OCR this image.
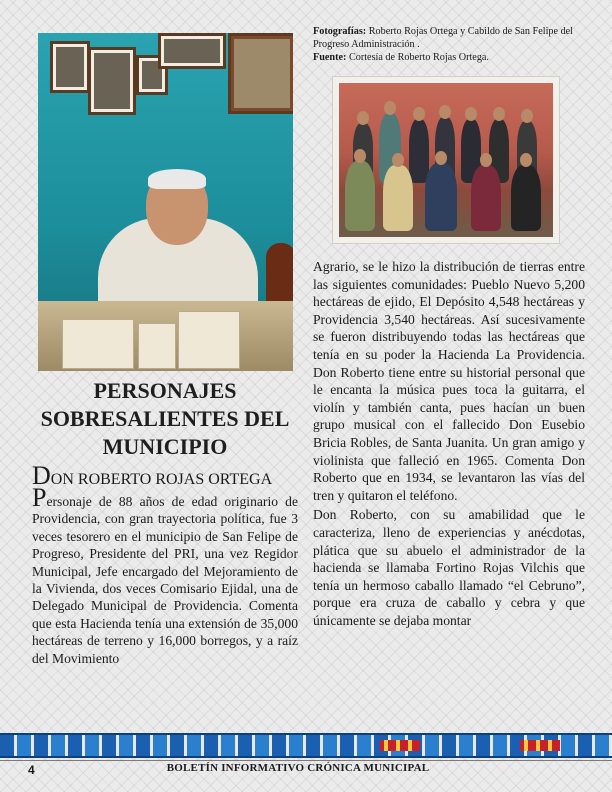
Fotografías: Roberto Rojas Ortega y Cabildo de San Felipe del Progreso Administración .
Fuente: Cortesía de Roberto Rojas Ortega.
PERSONAJES
SOBRESALIENTES DEL
MUNICIPIO
DON ROBERTO ROJAS ORTEGA
Personaje de 88 años de edad originario de Providencia, con gran trayectoria política, fue 3 veces tesorero en el municipio de San Felipe de Progreso, Presidente del PRI, una vez Regidor Municipal, Jefe encargado del Mejoramiento de la Vivienda, dos veces Comisario Ejidal, una de Delegado Municipal de Providencia. Comenta que esta Hacienda tenía una extensión de 35,000 hectáreas de terreno y 16,000 borregos, y a raíz del Movimiento

Agrario, se le hizo la distribución de tierras entre las siguientes comunidades: Pueblo Nuevo 5,200 hectáreas de ejido, El Depósito 4,548 hectáreas y Providencia 3,540 hectáreas. Así sucesivamente se fueron distribuyendo todas las hectáreas que tenía en su poder la Hacienda La Providencia. Don Roberto tiene entre su historial personal que le encanta la música pues toca la guitarra, el violín y también canta, pues hacían un buen grupo musical con el fallecido Don Eusebio Bricia Robles, de Santa Juanita. Un gran amigo y violinista que falleció en 1965. Comenta Don Roberto que en 1934, se levantaron las vías del tren y quitaron el teléfono.

Don Roberto, con su amabilidad que le caracteriza, lleno de experiencias y anécdotas, plática que su abuelo el administrador de la hacienda se llamaba Fortino Rojas Vilchis que tenía un hermoso caballo llamado “el Cebruno”, porque era cruza de caballo y cebra y que únicamente se dejaba montar

4	BOLETÍN INFORMATIVO CRÓNICA MUNICIPAL
